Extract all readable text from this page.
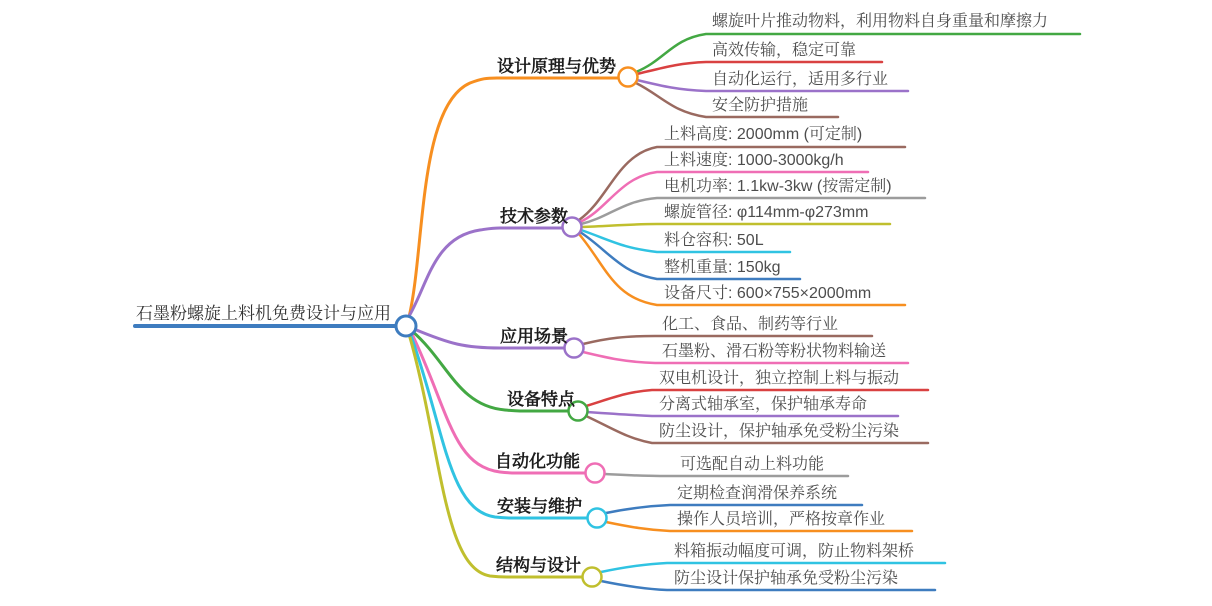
石墨粉螺旋上料机免费设计与应用
设计原理与优势
技术参数
应用场景
设备特点
自动化功能
安装与维护
结构与设计
螺旋叶片推动物料，利用物料自身重量和摩擦力
高效传输，稳定可靠
自动化运行，适用多行业
安全防护措施
上料高度: 2000mm (可定制)
上料速度: 1000-3000kg/h
电机功率: 1.1kw-3kw (按需定制)
螺旋管径: φ114mm-φ273mm
料仓容积: 50L
整机重量: 150kg
设备尺寸: 600×755×2000mm
化工、食品、制药等行业
石墨粉、滑石粉等粉状物料输送
双电机设计，独立控制上料与振动
分离式轴承室，保护轴承寿命
防尘设计，保护轴承免受粉尘污染
可选配自动上料功能
定期检查润滑保养系统
操作人员培训，严格按章作业
料箱振动幅度可调，防止物料架桥
防尘设计保护轴承免受粉尘污染
